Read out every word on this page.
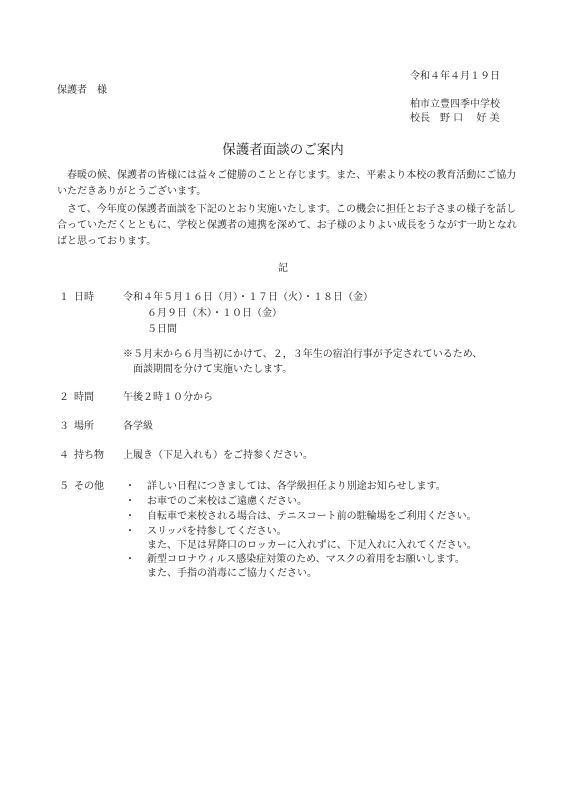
令和４年４月１９日
保護者　様
柏市立豊四季中学校
校長　野 口　 好 美
保護者面談のご案内
春暖の候、保護者の皆様には益々ご健勝のことと存じます。また、平素より本校の教育活動にご協力いただきありがとうございます。
さて、今年度の保護者面談を下記のとおり実施いたします。この機会に担任とお子さまの様子を話し合っていただくとともに、学校と保護者の連携を深めて、お子様のよりよい成長をうながす一助となればと思っております。
記
１ 日時	令和４年５月１６日（月）・１７日（火）・１８日（金）
６月９日（木）・１０日（金）
５日間
※５月末から６月当初にかけて、２，３年生の宿泊行事が予定されているため、
面談期間を分けて実施いたします。
２ 時間	午後２時１０分から
３ 場所	各学級
４ 持ち物 上履き（下足入れも）をご持参ください。
５ その他 ・ 詳しい日程につきましては、各学級担任より別途お知らせします。
・ お車でのご来校はご遠慮ください。
・ 自転車で来校される場合は、テニスコート前の駐輪場をご利用ください。
・ スリッパを持参してください。
また、下足は昇降口のロッカーに入れずに、下足入れに入れてください。
・ 新型コロナウィルス感染症対策のため、マスクの着用をお願いします。
また、手指の消毒にご協力ください。
